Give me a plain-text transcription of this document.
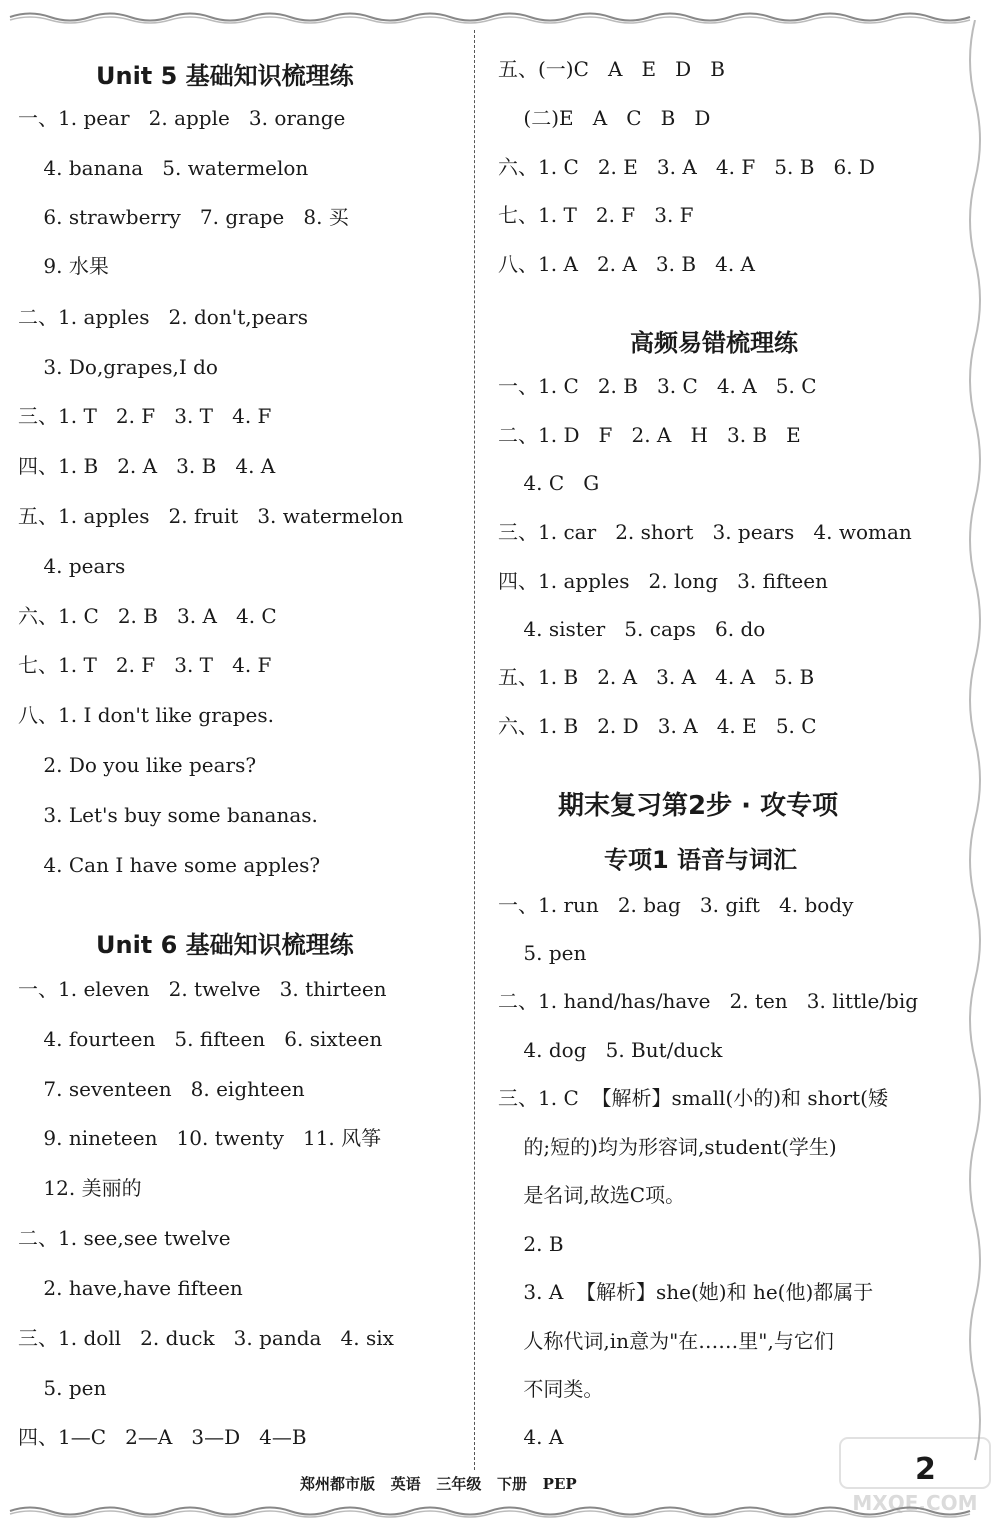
Unit 5 基础知识梳理练
一、1. pear   2. apple   3. orange
4. banana   5. watermelon
6. strawberry   7. grape   8. 买
9. 水果
二、1. apples   2. don't,pears
3. Do,grapes,I do
三、1. T   2. F   3. T   4. F
四、1. B   2. A   3. B   4. A
五、1. apples   2. fruit   3. watermelon
4. pears
六、1. C   2. B   3. A   4. C
七、1. T   2. F   3. T   4. F
八、1. I don't like grapes.
2. Do you like pears?
3. Let's buy some bananas.
4. Can I have some apples?
Unit 6 基础知识梳理练
一、1. eleven   2. twelve   3. thirteen
4. fourteen   5. fifteen   6. sixteen
7. seventeen   8. eighteen
9. nineteen   10. twenty   11. 风筝
12. 美丽的
二、1. see,see twelve
2. have,have fifteen
三、1. doll   2. duck   3. panda   4. six
5. pen
四、1—C   2—A   3—D   4—B
五、(一)C   A   E   D   B
(二)E   A   C   B   D
六、1. C   2. E   3. A   4. F   5. B   6. D
七、1. T   2. F   3. F
八、1. A   2. A   3. B   4. A
高频易错梳理练
一、1. C   2. B   3. C   4. A   5. C
二、1. D   F   2. A   H   3. B   E
4. C   G
三、1. car   2. short   3. pears   4. woman
四、1. apples   2. long   3. fifteen
4. sister   5. caps   6. do
五、1. B   2. A   3. A   4. A   5. B
六、1. B   2. D   3. A   4. E   5. C
期末复习第2步 · 攻专项
专项1 语音与词汇
一、1. run   2. bag   3. gift   4. body
5. pen
二、1. hand/has/have   2. ten   3. little/big
4. dog   5. But/duck
三、1. C  【解析】small(小的)和 short(矮
的;短的)均为形容词,student(学生)
是名词,故选C项。
2. B
3. A  【解析】she(她)和 he(他)都属于
人称代词,in意为"在……里",与它们
不同类。
4. A
郑州都市版   英语   三年级   下册   PEP	2
MXQE.COM
